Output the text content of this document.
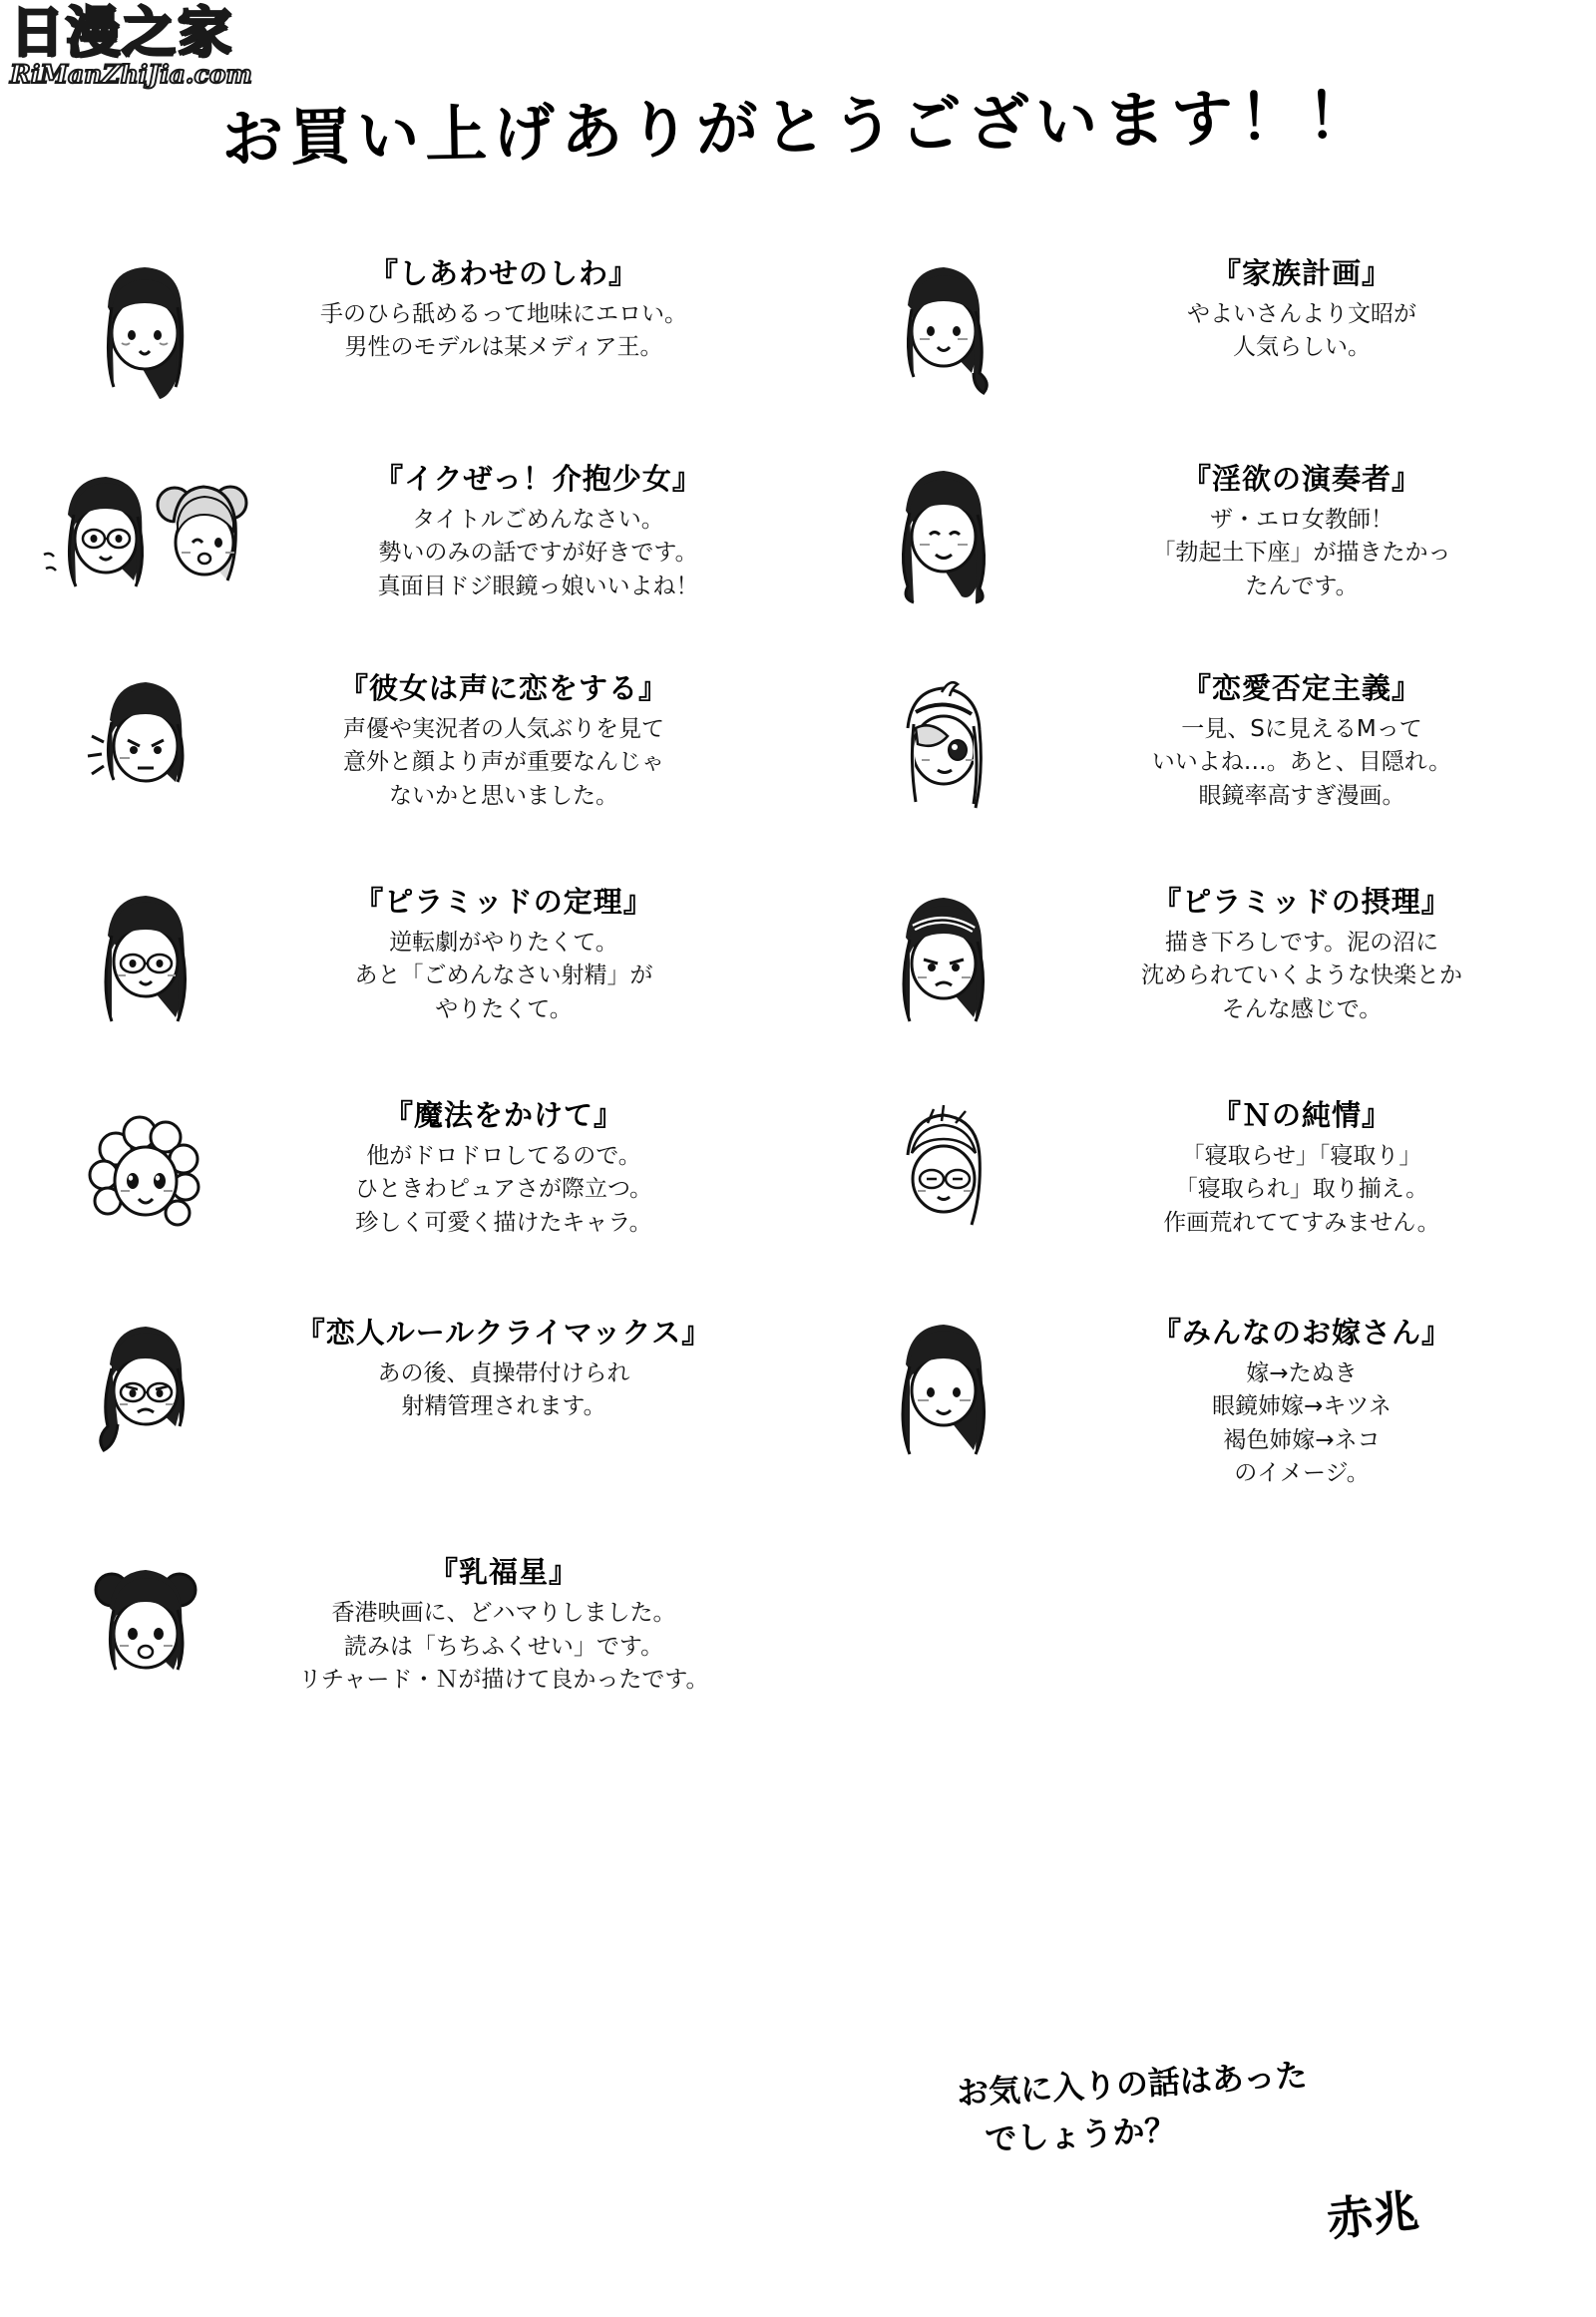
日漫之家
RiManZhiJia.com
お買い上げありがとうございます！！
『しあわせのしわ』
手のひら舐めるって地味にエロい。
男性のモデルは某メディア王。
『家族計画』
やよいさんより文昭が
人気らしい。
『イクぜっ！介抱少女』
タイトルごめんなさい。
勢いのみの話ですが好きです。
真面目ドジ眼鏡っ娘いいよね！
『淫欲の演奏者』
ザ・エロ女教師！
「勃起土下座」が描きたかっ
たんです。
『彼女は声に恋をする』
声優や実況者の人気ぶりを見て
意外と顔より声が重要なんじゃ
ないかと思いました。
『恋愛否定主義』
一見、Sに見えるMって
いいよね…。あと、目隠れ。
眼鏡率高すぎ漫画。
『ピラミッドの定理』
逆転劇がやりたくて。
あと「ごめんなさい射精」が
やりたくて。
『ピラミッドの摂理』
描き下ろしです。泥の沼に
沈められていくような快楽とか
そんな感じで。
『魔法をかけて』
他がドロドロしてるので。
ひときわピュアさが際立つ。
珍しく可愛く描けたキャラ。
『Ｎの純情』
「寝取らせ」「寝取り」
「寝取られ」取り揃え。
作画荒れててすみません。
『恋人ルールクライマックス』
あの後、貞操帯付けられ
射精管理されます。
『みんなのお嫁さん』
嫁→たぬき
眼鏡姉嫁→キツネ
褐色姉嫁→ネコ
のイメージ。
『乳福星』
香港映画に、どハマりしました。
読みは「ちちふくせい」です。
リチャード・Ｎが描けて良かったです。
お気に入りの話はあった
でしょうか？
赤兆
